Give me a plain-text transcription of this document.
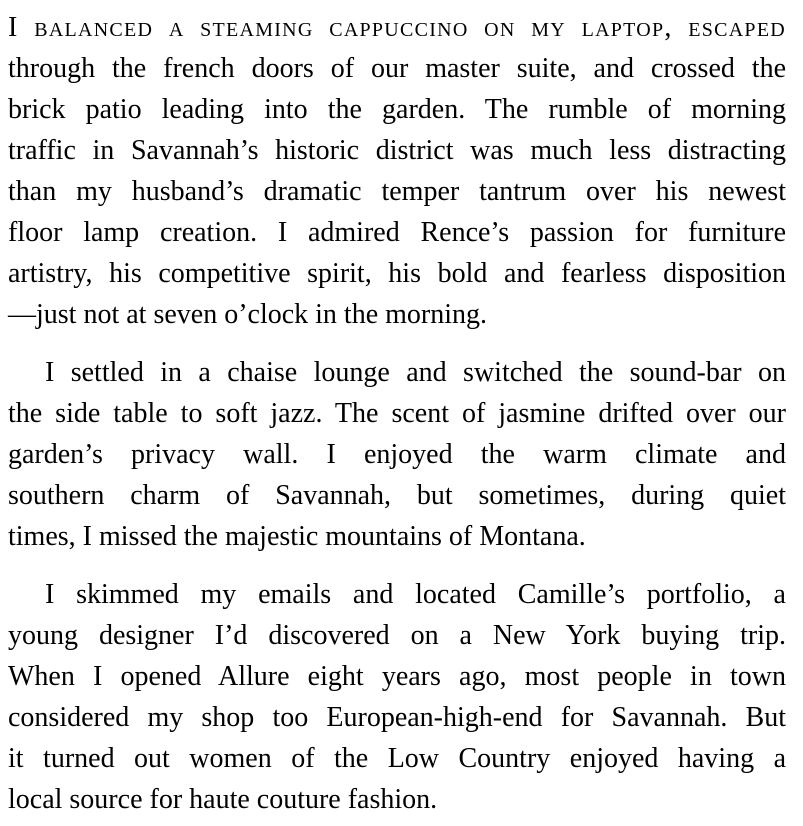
I balanced a steaming cappuccino on my laptop, escaped
through the french doors of our master suite, and crossed the
brick patio leading into the garden. The rumble of morning
traffic in Savannah’s historic district was much less distracting
than my husband’s dramatic temper tantrum over his newest
floor lamp creation. I admired Rence’s passion for furniture
artistry, his competitive spirit, his bold and fearless disposition
—just not at seven o’clock in the morning.
I settled in a chaise lounge and switched the sound-bar on
the side table to soft jazz. The scent of jasmine drifted over our
garden’s privacy wall. I enjoyed the warm climate and
southern charm of Savannah, but sometimes, during quiet
times, I missed the majestic mountains of Montana.
I skimmed my emails and located Camille’s portfolio, a
young designer I’d discovered on a New York buying trip.
When I opened Allure eight years ago, most people in town
considered my shop too European-high-end for Savannah. But
it turned out women of the Low Country enjoyed having a
local source for haute couture fashion.
